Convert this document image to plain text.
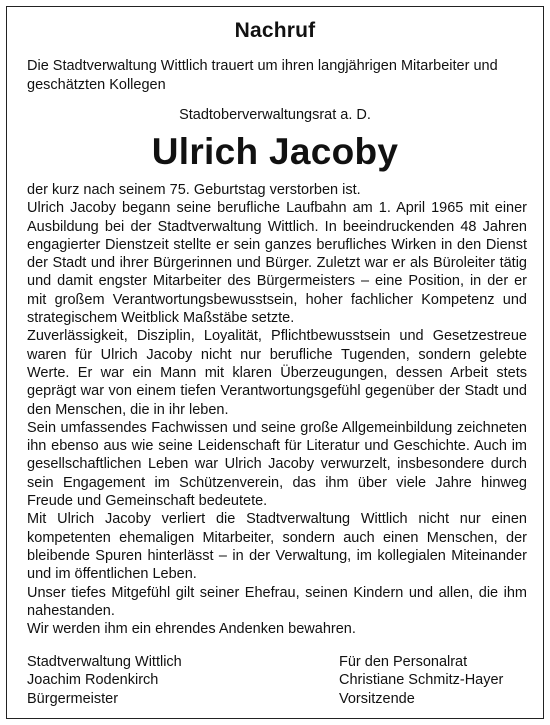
Nachruf
Die Stadtverwaltung Wittlich trauert um ihren langjährigen Mitarbeiter und geschätzten Kollegen
Stadtoberverwaltungsrat a. D.
Ulrich Jacoby

der kurz nach seinem 75. Geburtstag verstorben ist.

Ulrich Jacoby begann seine berufliche Laufbahn am 1. April 1965 mit einer Ausbildung bei der Stadtverwaltung Wittlich. In beeindruckenden 48 Jahren engagierter Dienstzeit stellte er sein ganzes berufliches Wirken in den Dienst der Stadt und ihrer Bürgerinnen und Bürger. Zuletzt war er als Büroleiter tätig und damit engster Mitarbeiter des Bürgermeisters – eine Position, in der er mit großem Verantwortungsbewusstsein, hoher fachlicher Kompetenz und strategischem Weitblick Maßstäbe setzte.

Zuverlässigkeit, Disziplin, Loyalität, Pflichtbewusstsein und Gesetzestreue waren für Ulrich Jacoby nicht nur berufliche Tugenden, sondern gelebte Werte. Er war ein Mann mit klaren Überzeugungen, dessen Arbeit stets geprägt war von einem tiefen Verantwortungsgefühl gegenüber der Stadt und den Menschen, die in ihr leben.

Sein umfassendes Fachwissen und seine große Allgemeinbildung zeichneten ihn ebenso aus wie seine Leidenschaft für Literatur und Geschichte. Auch im gesellschaftlichen Leben war Ulrich Jacoby verwurzelt, insbesondere durch sein Engagement im Schützenverein, das ihm über viele Jahre hinweg Freude und Gemeinschaft bedeutete.

Mit Ulrich Jacoby verliert die Stadtverwaltung Wittlich nicht nur einen kompetenten ehemaligen Mitarbeiter, sondern auch einen Menschen, der bleibende Spuren hinterlässt – in der Verwaltung, im kollegialen Miteinander und im öffentlichen Leben.

Unser tiefes Mitgefühl gilt seiner Ehefrau, seinen Kindern und allen, die ihm nahestanden.

Wir werden ihm ein ehrendes Andenken bewahren.

Stadtverwaltung Wittlich
Joachim Rodenkirch
Bürgermeister
Für den Personalrat
Christiane Schmitz-Hayer
Vorsitzende
